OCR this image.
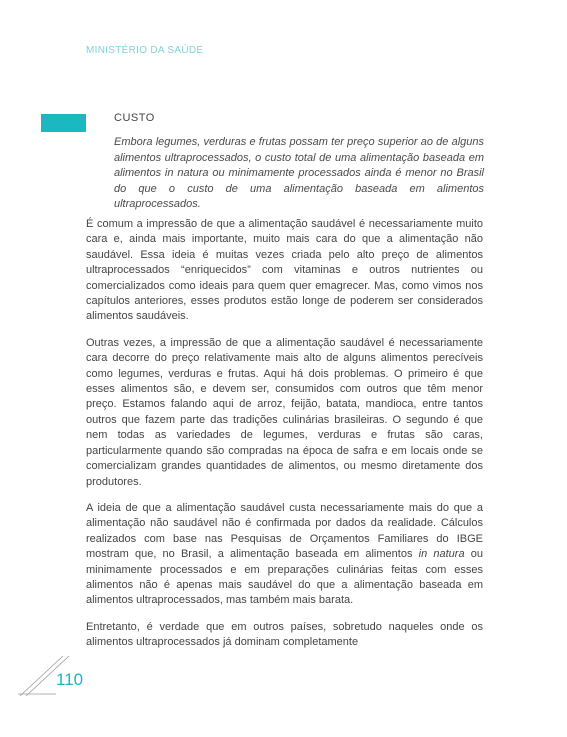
MINISTÉRIO DA SAÚDE
CUSTO

Embora legumes, verduras e frutas possam ter preço superior ao de alguns alimentos ultraprocessados, o custo total de uma alimentação baseada em alimentos in natura ou minimamente processados ainda é menor no Brasil do que o custo de uma alimentação baseada em alimentos ultraprocessados.

É comum a impressão de que a alimentação saudável é necessariamente muito cara e, ainda mais importante, muito mais cara do que a alimentação não saudável. Essa ideia é muitas vezes criada pelo alto preço de alimentos ultraprocessados “enriquecidos” com vitaminas e outros nutrientes ou comercializados como ideais para quem quer emagrecer. Mas, como vimos nos capítulos anteriores, esses produtos estão longe de poderem ser considerados alimentos saudáveis.

Outras vezes, a impressão de que a alimentação saudável é necessariamente cara decorre do preço relativamente mais alto de alguns alimentos perecíveis como legumes, verduras e frutas. Aqui há dois problemas. O primeiro é que esses alimentos são, e devem ser, consumidos com outros que têm menor preço. Estamos falando aqui de arroz, feijão, batata, mandioca, entre tantos outros que fazem parte das tradições culinárias brasileiras. O segundo é que nem todas as variedades de legumes, verduras e frutas são caras, particularmente quando são compradas na época de safra e em locais onde se comercializam grandes quantidades de alimentos, ou mesmo diretamente dos produtores.

A ideia de que a alimentação saudável custa necessariamente mais do que a alimentação não saudável não é confirmada por dados da realidade. Cálculos realizados com base nas Pesquisas de Orçamentos Familiares do IBGE mostram que, no Brasil, a alimentação baseada em alimentos in natura ou minimamente processados e em preparações culinárias feitas com esses alimentos não é apenas mais saudável do que a alimentação baseada em alimentos ultraprocessados, mas também mais barata.

Entretanto, é verdade que em outros países, sobretudo naqueles onde os alimentos ultraprocessados já dominam completamente

110
